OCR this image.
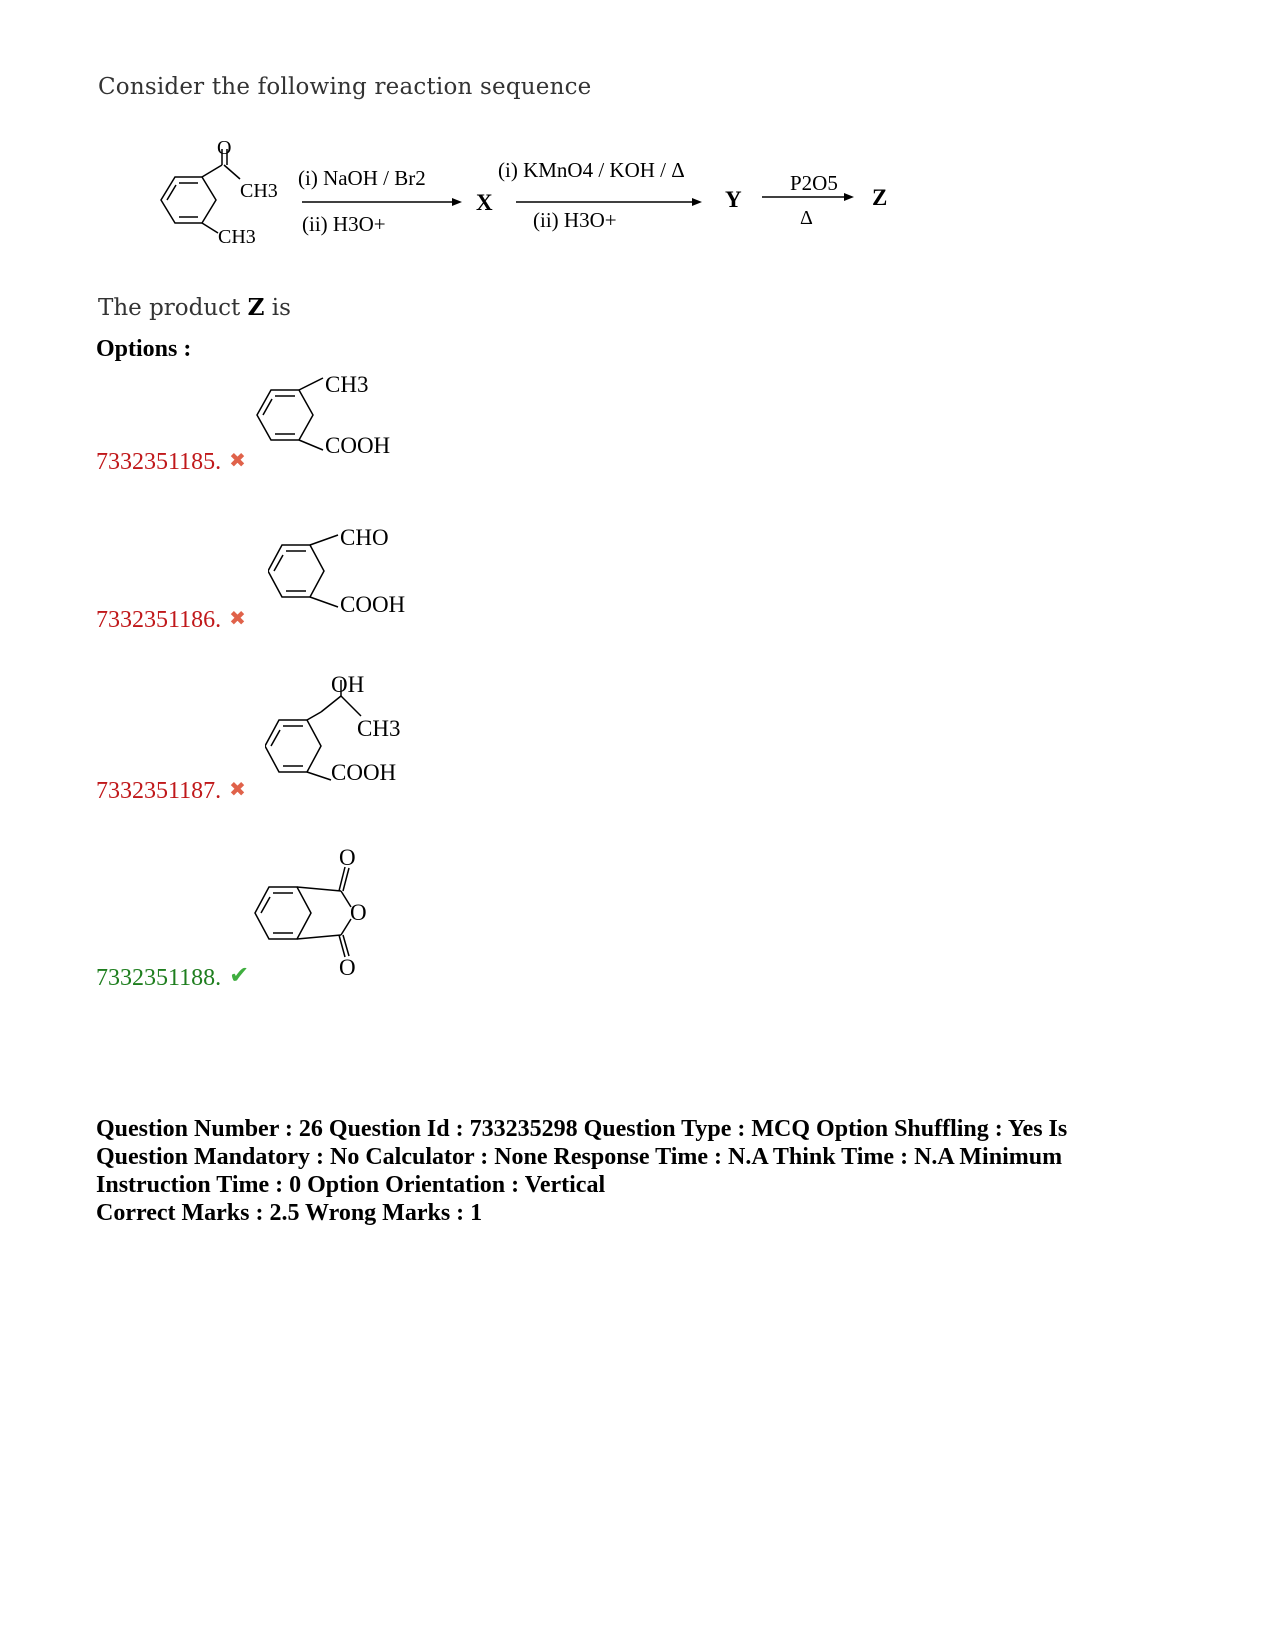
Consider the following reaction sequence
O
CH3
CH3
(i) NaOH / Br2
(ii) H3O+
X
(i) KMnO4 / KOH / Δ
(ii) H3O+
Y
P2O5
Δ
Z
The product Z is
Options :
CH3
COOH
7332351185. ✖
CHO
COOH
7332351186. ✖
OH
CH3
COOH
7332351187. ✖
O
O
O
7332351188. ✔
Question Number : 26 Question Id : 733235298 Question Type : MCQ Option Shuffling : Yes Is
Question Mandatory : No Calculator : None Response Time : N.A Think Time : N.A Minimum
Instruction Time : 0 Option Orientation : Vertical
Correct Marks : 2.5 Wrong Marks : 1
